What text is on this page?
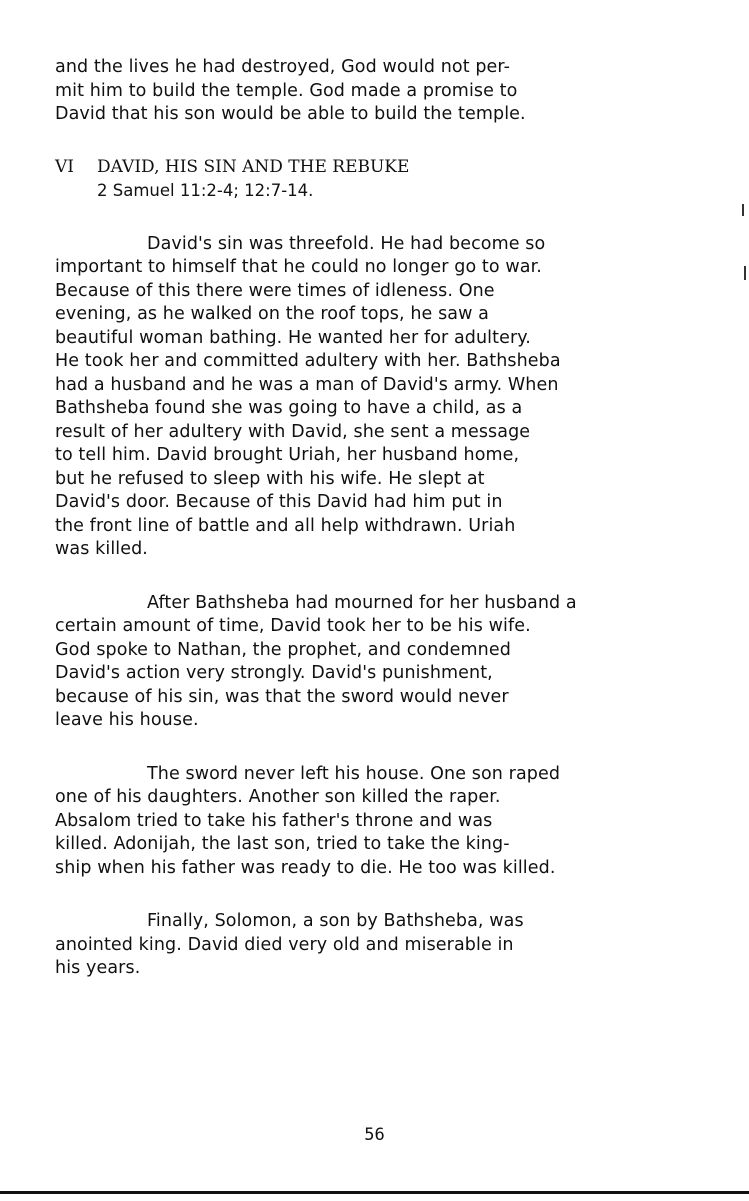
and the lives he had destroyed, God would not per-
mit him to build the temple. God made a promise to
David that his son would be able to build the temple.
VI DAVID, HIS SIN AND THE REBUKE
2 Samuel 11:2-4; 12:7-14.
David's sin was threefold. He had become so
important to himself that he could no longer go to war.
Because of this there were times of idleness. One
evening, as he walked on the roof tops, he saw a
beautiful woman bathing. He wanted her for adultery.
He took her and committed adultery with her. Bathsheba
had a husband and he was a man of David's army. When
Bathsheba found she was going to have a child, as a
result of her adultery with David, she sent a message
to tell him. David brought Uriah, her husband home,
but he refused to sleep with his wife. He slept at
David's door. Because of this David had him put in
the front line of battle and all help withdrawn. Uriah
was killed.
After Bathsheba had mourned for her husband a
certain amount of time, David took her to be his wife.
God spoke to Nathan, the prophet, and condemned
David's action very strongly. David's punishment,
because of his sin, was that the sword would never
leave his house.
The sword never left his house. One son raped
one of his daughters. Another son killed the raper.
Absalom tried to take his father's throne and was
killed. Adonijah, the last son, tried to take the king-
ship when his father was ready to die. He too was killed.
Finally, Solomon, a son by Bathsheba, was
anointed king. David died very old and miserable in
his years.
56
